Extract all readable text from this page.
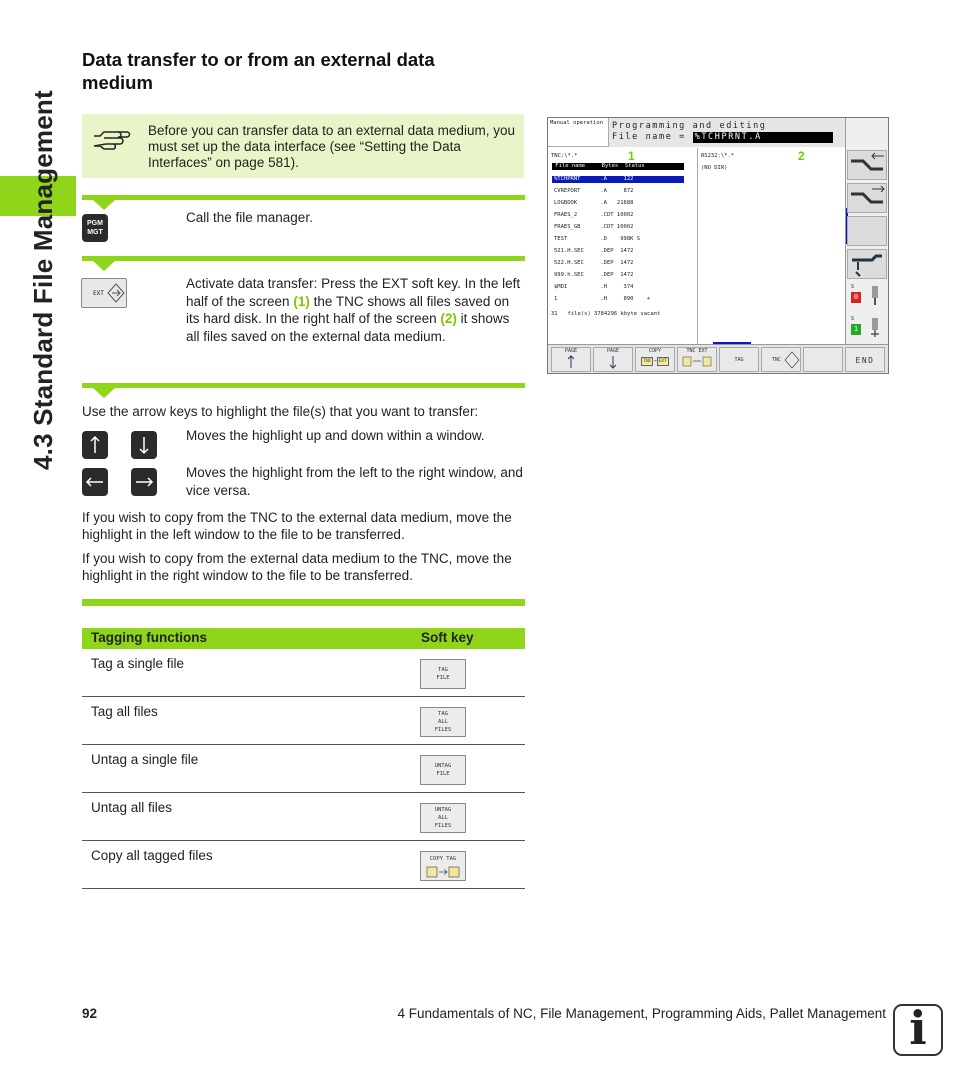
4.3 Standard File Management
Data transfer to or from an external data medium
Before you can transfer data to an external data medium, you must set up the data interface (see “Setting the Data Interfaces” on page 581).
PGM MGT
Call the file manager.
EXT
Activate data transfer: Press the EXT soft key. In the left half of the screen (1) the TNC shows all files saved on its hard disk. In the right half of the screen (2) it shows all files saved on the external data medium.
Use the arrow keys to highlight the file(s) that you want to transfer:
Moves the highlight up and down within a window.
Moves the highlight from the left to the right window, and vice versa.
If you wish to copy from the TNC to the external data medium, move the highlight in the left window to the file to be transferred.
If you wish to copy from the external data medium to the TNC, move the highlight in the right window to the file to be transferred.
Tagging functions	Soft key
Tag a single file	TAG
FILE
Tag all files	TAG
ALL
FILES
Untag a single file	UNTAG
FILE
Untag all files	UNTAG
ALL
FILES
Copy all tagged files	COPY TAG
Manual operation	Programming and editing
File name = %TCHPRNT.A
TNC:\*.*
File name     Bytes  Status
%TCHPRNT      .A     122
CVREPORT      .A     872
LOGBOOK       .A   21688
FRAES_2       .CDT 10002
FRAES_GB      .CDT 10002
TEST          .D    998K S
521.H.SEC     .DEP  1472
522.H.SEC     .DEP  1472
999.h.SEC     .DEP  1472
$MDI          .H     374
1             .H     890    +
31   file(s) 3784296 kbyte vacant
1	RS232:\*.*
(NO DIR)
2
S
0
S
1
PAGE	PAGE	COPY
TNC → EXT
TNC EXT

TAG	TNC	END
92	4 Fundamentals of NC, File Management, Programming Aids, Pallet Management i
